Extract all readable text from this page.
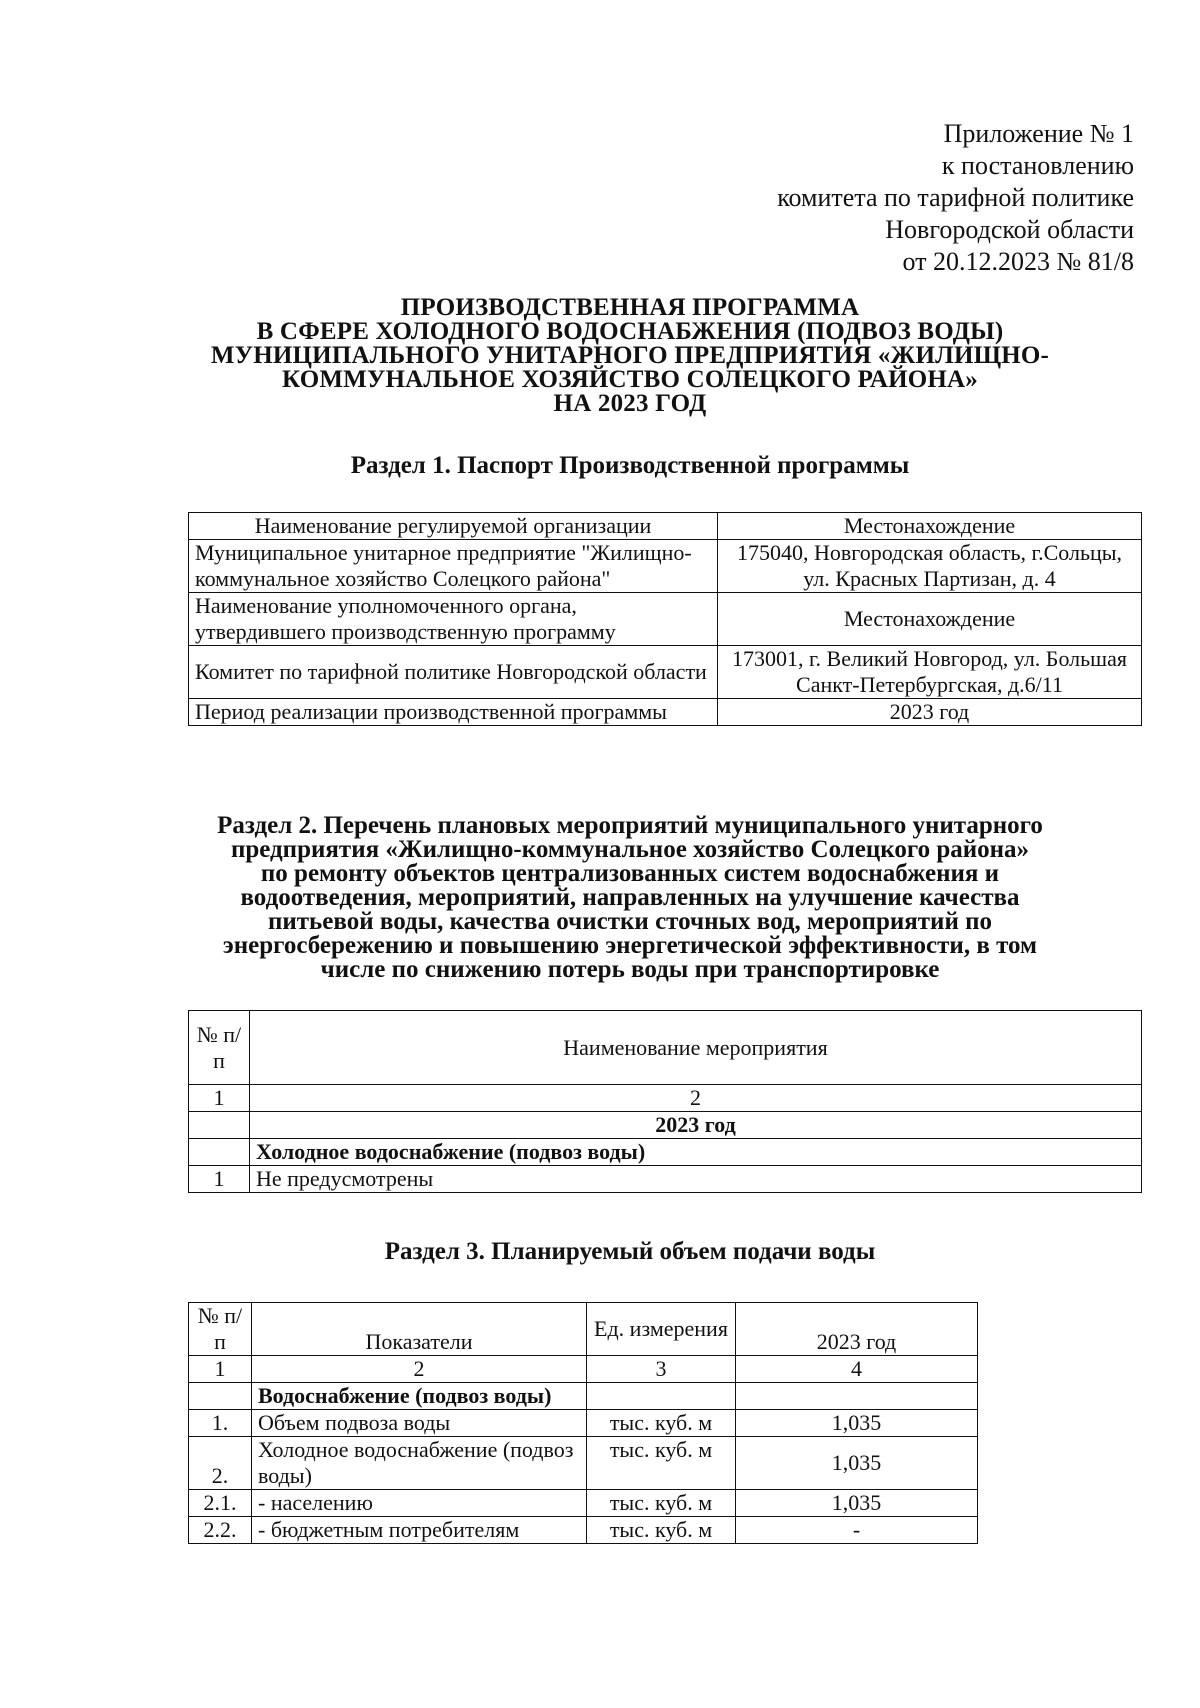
Приложение № 1
к постановлению
комитета по тарифной политике
Новгородской области
от 20.12.2023 № 81/8
ПРОИЗВОДСТВЕННАЯ ПРОГРАММА
В СФЕРЕ ХОЛОДНОГО ВОДОСНАБЖЕНИЯ (ПОДВОЗ ВОДЫ)
МУНИЦИПАЛЬНОГО УНИТАРНОГО ПРЕДПРИЯТИЯ «ЖИЛИЩНО-
КОММУНАЛЬНОЕ ХОЗЯЙСТВО СОЛЕЦКОГО РАЙОНА»
НА 2023 ГОД
Раздел 1. Паспорт Производственной программы
Наименование регулируемой организации	Местонахождение
Муниципальное унитарное предприятие "Жилищно-коммунальное хозяйство Солецкого района"	175040, Новгородская область, г.Сольцы, ул. Красных Партизан, д. 4
Наименование уполномоченного органа, утвердившего производственную программу	Местонахождение
Комитет по тарифной политике Новгородской области	173001, г. Великий Новгород, ул. Большая Санкт-Петербургская, д.6/11
Период реализации производственной программы	2023 год
Раздел 2. Перечень плановых мероприятий муниципального унитарного
предприятия «Жилищно-коммунальное хозяйство Солецкого района»
по ремонту объектов централизованных систем водоснабжения и
водоотведения, мероприятий, направленных на улучшение качества
питьевой воды, качества очистки сточных вод, мероприятий по
энергосбережению и повышению энергетической эффективности, в том
числе по снижению потерь воды при транспортировке
№ п/п	Наименование мероприятия
1	2
	2023 год
	Холодное водоснабжение (подвоз воды)
1	Не предусмотрены
Раздел 3. Планируемый объем подачи воды
№ п/п	Показатели	Ед. измерения	2023 год
1	2	3	4
	Водоснабжение (подвоз воды)		
1.	Объем подвоза воды	тыс. куб. м	1,035
2.	Холодное водоснабжение (подвоз воды)	тыс. куб. м	1,035
2.1.	- населению	тыс. куб. м	1,035
2.2.	- бюджетным потребителям	тыс. куб. м	-
